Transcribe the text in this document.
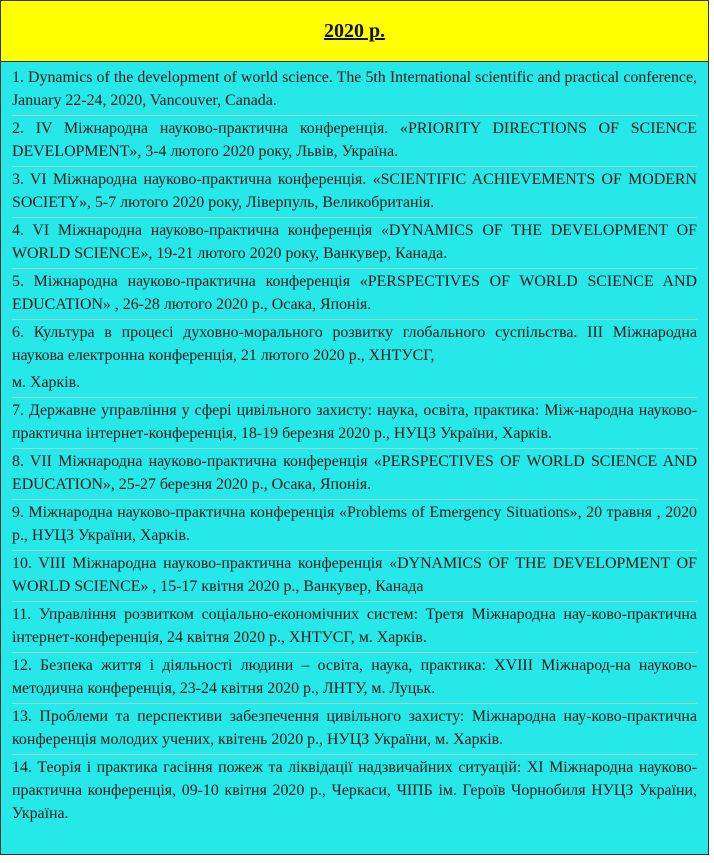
2020 р.
1. Dynamics of the development of world science. The 5th International scientific and practical conference, January 22-24, 2020, Vancouver, Canada.
2. IV Міжнародна науково-практична конференція. «PRIORITY DIRECTIONS OF SCIENCE DEVELOPMENT», 3-4 лютого 2020 року, Львів, Україна.
3. VI Міжнародна науково-практична конференція. «SCIENTIFIC ACHIEVEMENTS OF MODERN SOCIETY», 5-7 лютого 2020 року, Ліверпуль, Великобританія.
4. VI Міжнародна науково-практична конференція «DYNAMICS OF THE DEVELOPMENT OF WORLD SCIENCE», 19-21 лютого 2020 року, Ванкувер, Канада.
5. Міжнародна науково-практична конференція «PERSPECTIVES OF WORLD SCIENCE AND EDUCATION» , 26-28 лютого 2020 р., Осака, Японія.
6. Культура в процесі духовно-морального розвитку глобального суспільства. ІІІ Міжнародна наукова електронна конференція, 21 лютого 2020 р., ХНТУСГ,
м. Харків.
7. Державне управління у сфері цивільного захисту: наука, освіта, практика: Між-народна науково-практична інтернет-конференція, 18-19 березня 2020 р., НУЦЗ України, Харків.
8. VII Міжнародна науково-практична конференція «PERSPECTIVES OF WORLD SCIENCE AND EDUCATION», 25-27 березня 2020 р., Осака, Японія.
9. Міжнародна науково-практична конференція «Problems of Emergency Situations», 20 травня , 2020 р., НУЦЗ України, Харків.
10. VIII Міжнародна науково-практична конференція «DYNAMICS OF THE DEVELOPMENT OF WORLD SCIENCE» , 15-17 квітня 2020 р., Ванкувер, Канада
11. Управління розвитком соціально-економічних систем: Третя Міжнародна нау-ково-практична інтернет-конференція, 24 квітня 2020 р., ХНТУСГ, м. Харків.
12. Безпека життя і діяльності людини – освіта, наука, практика: XVIII Міжнарод-на науково-методична конференція, 23-24 квітня 2020 р., ЛНТУ, м. Луцьк.
13. Проблеми та перспективи забезпечення цивільного захисту: Міжнародна нау-ково-практична конференція молодих учених, квітень 2020 р., НУЦЗ України, м. Харків.
14. Теорія і практика гасіння пожеж та ліквідації надзвичайних ситуацій: ХІ Міжнародна науково-практична конференція, 09-10 квітня 2020 р., Черкаси, ЧІПБ ім. Героїв Чорнобиля НУЦЗ України, Україна.
